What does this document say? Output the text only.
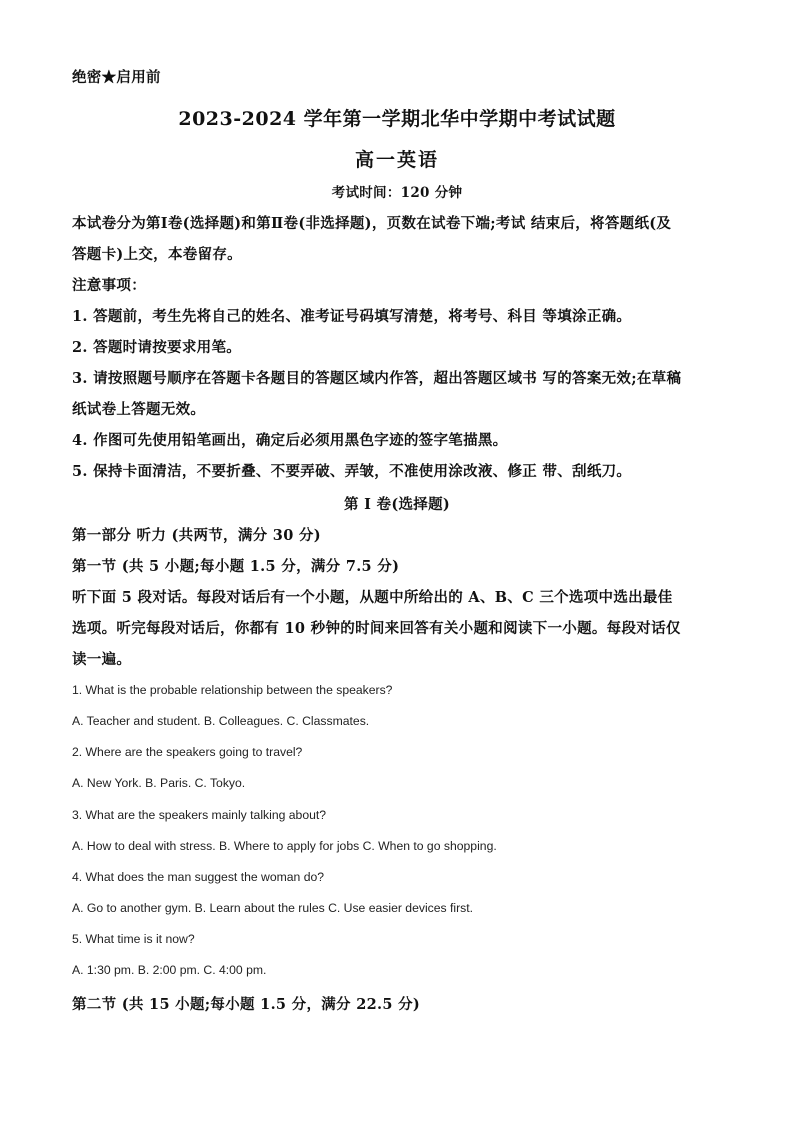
绝密★启用前
2023-2024 学年第一学期北华中学期中考试试题
高一英语
考试时间：120 分钟
本试卷分为第Ⅰ卷(选择题)和第Ⅱ卷(非选择题)，页数在试卷下端;考试 结束后，将答题纸(及
答题卡)上交，本卷留存。
注意事项：
1. 答题前，考生先将自己的姓名、准考证号码填写清楚，将考号、科目 等填涂正确。
2. 答题时请按要求用笔。
3. 请按照题号顺序在答题卡各题目的答题区域内作答，超出答题区域书 写的答案无效;在草稿
纸试卷上答题无效。
4. 作图可先使用铅笔画出，确定后必须用黑色字迹的签字笔描黑。
5. 保持卡面清洁，不要折叠、不要弄破、弄皱，不准使用涂改液、修正 带、刮纸刀。
第 Ⅰ 卷(选择题)
第一部分 听力 (共两节，满分 30 分)
第一节 (共 5 小题;每小题 1.5 分，满分 7.5 分)
听下面 5 段对话。每段对话后有一个小题，从题中所给出的 A、B、C 三个选项中选出最佳
选项。听完每段对话后，你都有 10 秒钟的时间来回答有关小题和阅读下一小题。每段对话仅
读一遍。
1. What is the probable relationship between the speakers?
A. Teacher and student. B. Colleagues. C. Classmates.
2. Where are the speakers going to travel?
A. New York. B. Paris. C. Tokyo.
3. What are the speakers mainly talking about?
A. How to deal with stress. B. Where to apply for jobs C. When to go shopping.
4. What does the man suggest the woman do?
A. Go to another gym. B. Learn about the rules C. Use easier devices first.
5. What time is it now?
A. 1:30 pm. B. 2:00 pm. C. 4:00 pm.
第二节 (共 15 小题;每小题 1.5 分，满分 22.5 分)
